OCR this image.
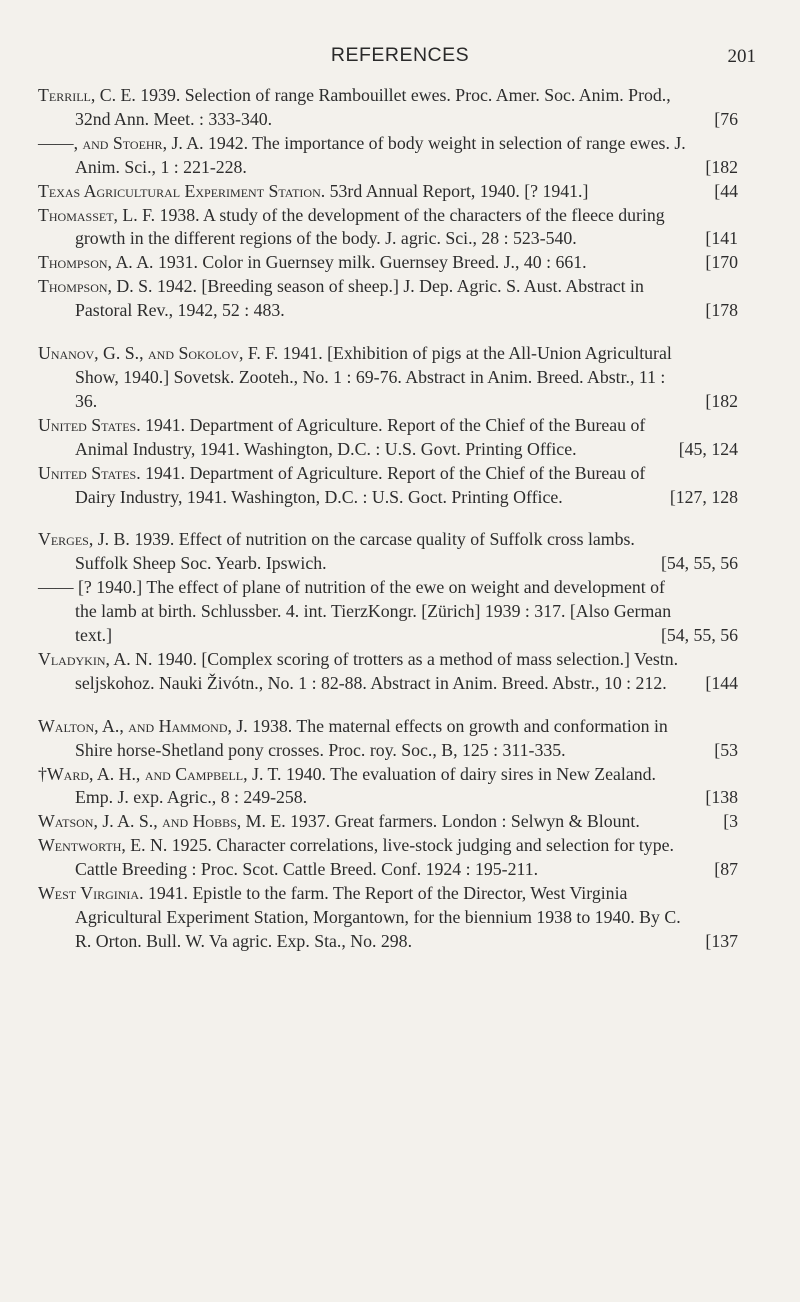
REFERENCES	201

Terrill, C. E. 1939. Selection of range Rambouillet ewes. Proc. Amer. Soc. Anim. Prod., 32nd Ann. Meet. : 333-340.	[76

——, and Stoehr, J. A. 1942. The importance of body weight in selection of range ewes. J. Anim. Sci., 1 : 221-228.	[182

Texas Agricultural Experiment Station. 53rd Annual Report, 1940. [? 1941.]	[44

Thomasset, L. F. 1938. A study of the development of the characters of the fleece during growth in the different regions of the body. J. agric. Sci., 28 : 523-540.	[141

Thompson, A. A. 1931. Color in Guernsey milk. Guernsey Breed. J., 40 : 661.	[170

Thompson, D. S. 1942. [Breeding season of sheep.] J. Dep. Agric. S. Aust. Abstract in Pastoral Rev., 1942, 52 : 483.	[178

Unanov, G. S., and Sokolov, F. F. 1941. [Exhibition of pigs at the All-Union Agricultural Show, 1940.] Sovetsk. Zooteh., No. 1 : 69-76. Abstract in Anim. Breed. Abstr., 11 : 36.	[182

United States. 1941. Department of Agriculture. Report of the Chief of the Bureau of Animal Industry, 1941. Washington, D.C. : U.S. Govt. Printing Office.	[45, 124

United States. 1941. Department of Agriculture. Report of the Chief of the Bureau of Dairy Industry, 1941. Washington, D.C. : U.S. Goct. Printing Office.	[127, 128

Verges, J. B. 1939. Effect of nutrition on the carcase quality of Suffolk cross lambs. Suffolk Sheep Soc. Yearb. Ipswich.	[54, 55, 56

—— [? 1940.] The effect of plane of nutrition of the ewe on weight and development of the lamb at birth. Schlussber. 4. int. TierzKongr. [Zürich] 1939 : 317. [Also German text.]	[54, 55, 56

Vladykin, A. N. 1940. [Complex scoring of trotters as a method of mass selection.] Vestn. seljskohoz. Nauki Živótn., No. 1 : 82-88. Abstract in Anim. Breed. Abstr., 10 : 212. [144

Walton, A., and Hammond, J. 1938. The maternal effects on growth and conformation in Shire horse-Shetland pony crosses. Proc. roy. Soc., B, 125 : 311-335.	[53

†Ward, A. H., and Campbell, J. T. 1940. The evaluation of dairy sires in New Zealand. Emp. J. exp. Agric., 8 : 249-258.	[138

Watson, J. A. S., and Hobbs, M. E. 1937. Great farmers. London : Selwyn & Blount.	[3

Wentworth, E. N. 1925. Character correlations, live-stock judging and selection for type. Cattle Breeding : Proc. Scot. Cattle Breed. Conf. 1924 : 195-211.	[87

West Virginia. 1941. Epistle to the farm. The Report of the Director, West Virginia Agricultural Experiment Station, Morgantown, for the biennium 1938 to 1940. By C. R. Orton. Bull. W. Va agric. Exp. Sta., No. 298.	[137
